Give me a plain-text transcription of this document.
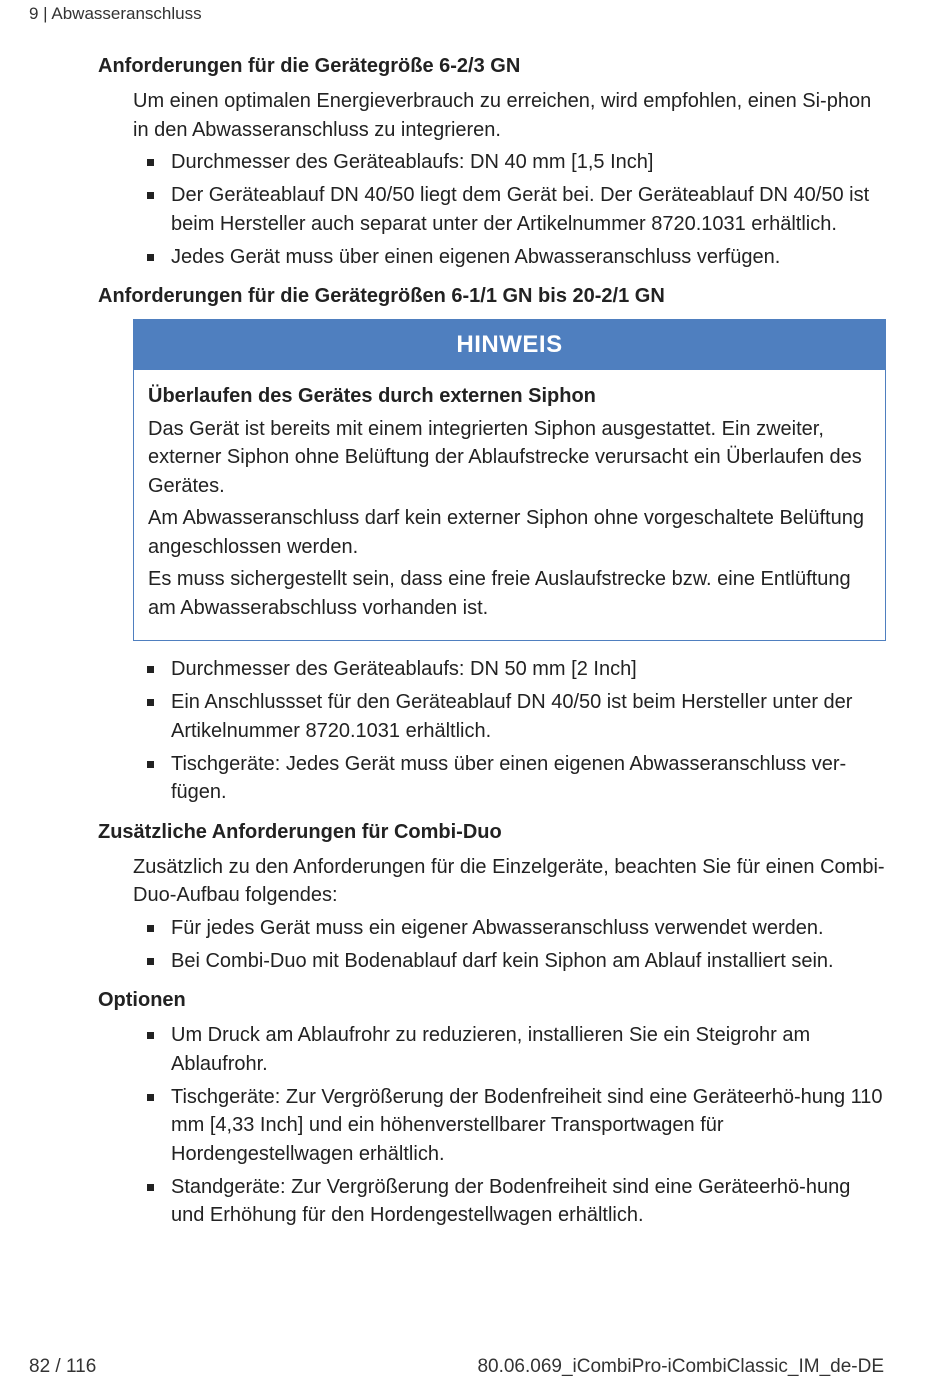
9 | Abwasseranschluss
Anforderungen für die Gerätegröße 6-2/3 GN

Um einen optimalen Energieverbrauch zu erreichen, wird empfohlen, einen Si-phon in den Abwasseranschluss zu integrieren.

Durchmesser des Geräteablaufs: DN 40 mm [1,5 Inch]
Der Geräteablauf DN 40/50 liegt dem Gerät bei. Der Geräteablauf DN 40/50 ist beim Hersteller auch separat unter der Artikelnummer 8720.1031 erhältlich.
Jedes Gerät muss über einen eigenen Abwasseranschluss verfügen.
Anforderungen für die Gerätegrößen 6-1/1 GN bis 20-2/1 GN
HINWEIS
Überlaufen des Gerätes durch externen Siphon

Das Gerät ist bereits mit einem integrierten Siphon ausgestattet. Ein zweiter, externer Siphon ohne Belüftung der Ablaufstrecke verursacht ein Überlaufen des Gerätes.

Am Abwasseranschluss darf kein externer Siphon ohne vorgeschaltete Belüftung angeschlossen werden.

Es muss sichergestellt sein, dass eine freie Auslaufstrecke bzw. eine Entlüftung am Abwasserabschluss vorhanden ist.

Durchmesser des Geräteablaufs: DN 50 mm [2 Inch]
Ein Anschlussset für den Geräteablauf DN 40/50 ist beim Hersteller unter der Artikelnummer 8720.1031 erhältlich.
Tischgeräte: Jedes Gerät muss über einen eigenen Abwasseranschluss ver-fügen.
Zusätzliche Anforderungen für Combi-Duo

Zusätzlich zu den Anforderungen für die Einzelgeräte, beachten Sie für einen Combi-Duo-Aufbau folgendes:

Für jedes Gerät muss ein eigener Abwasseranschluss verwendet werden.
Bei Combi-Duo mit Bodenablauf darf kein Siphon am Ablauf installiert sein.
Optionen
Um Druck am Ablaufrohr zu reduzieren, installieren Sie ein Steigrohr am Ablaufrohr.
Tischgeräte: Zur Vergrößerung der Bodenfreiheit sind eine Geräteerhö-hung 110 mm [4,33 Inch] und ein höhenverstellbarer Transportwagen für Hordengestellwagen erhältlich.
Standgeräte: Zur Vergrößerung der Bodenfreiheit sind eine Geräteerhö-hung und Erhöhung für den Hordengestellwagen erhältlich.
82 / 116	80.06.069_iCombiPro-iCombiClassic_IM_de-DE
